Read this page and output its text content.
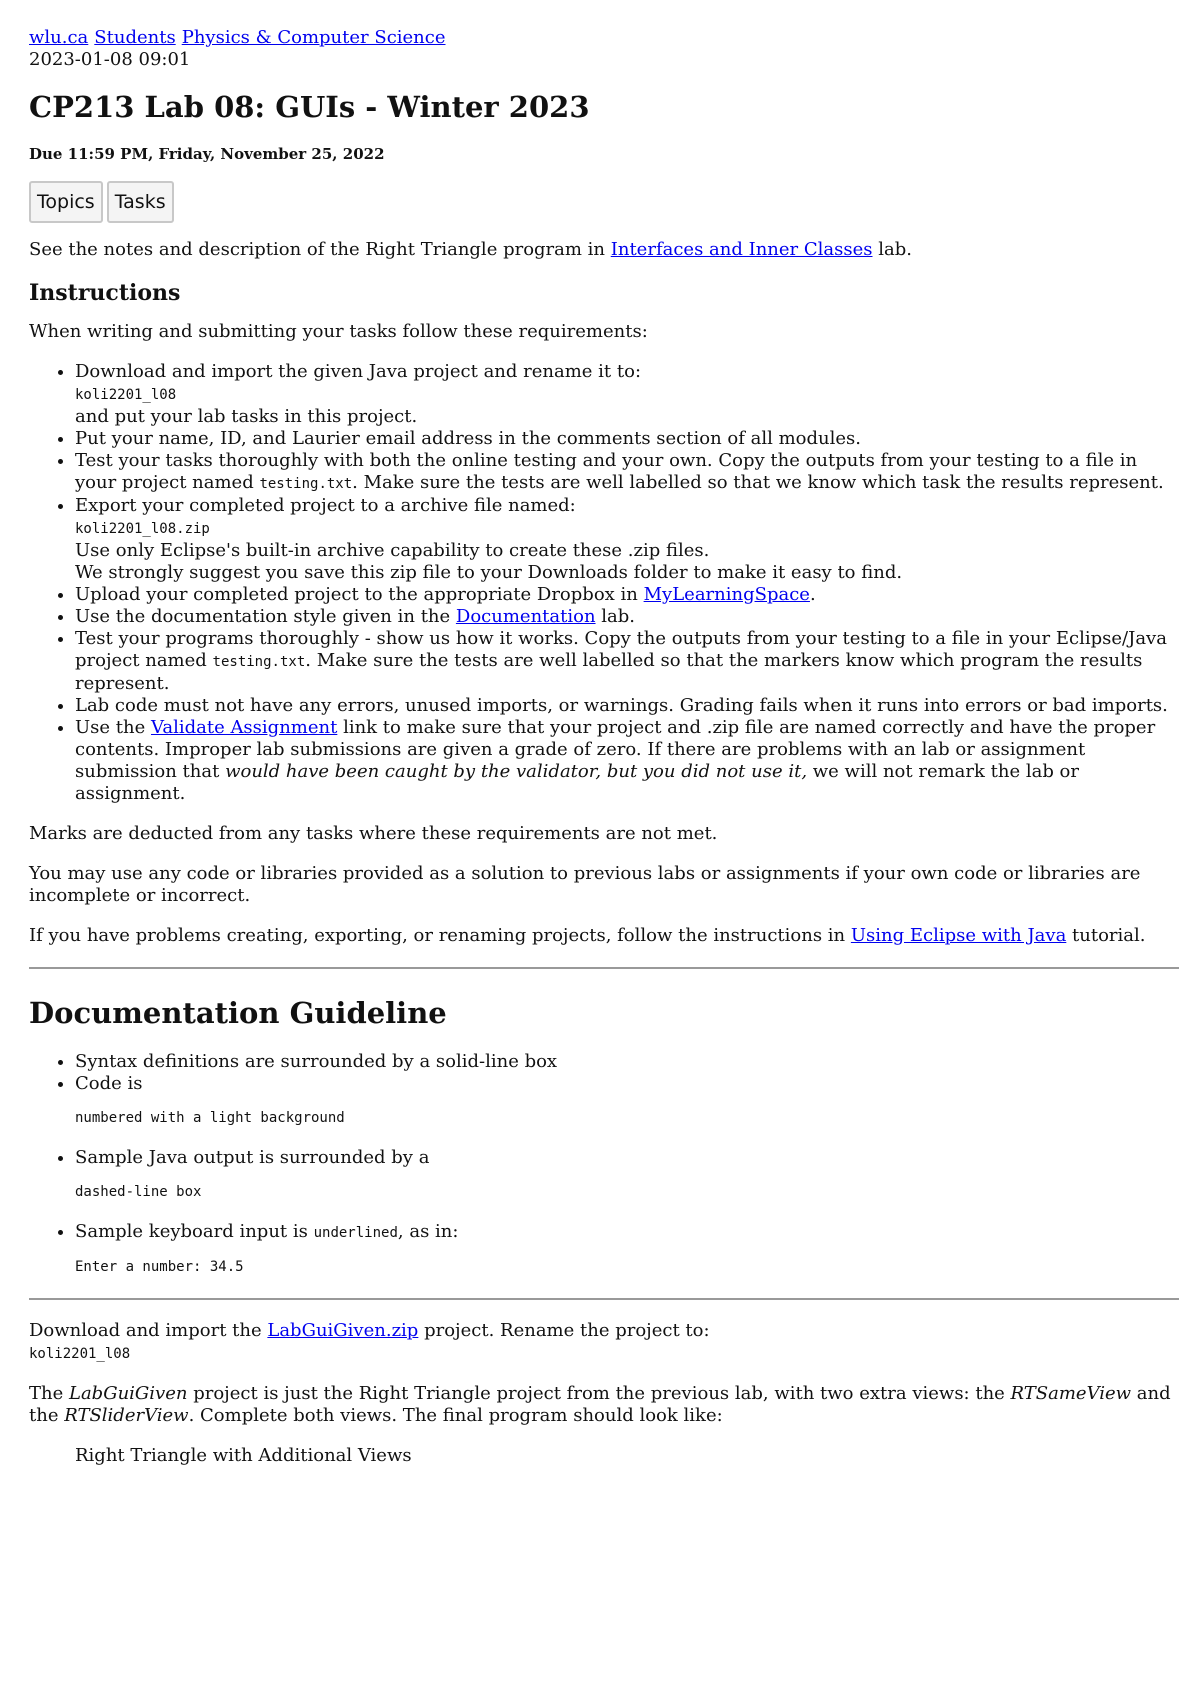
wlu.ca Students Physics & Computer Science
2023-01-08 09:01
CP213 Lab 08: GUIs - Winter 2023
Due 11:59 PM, Friday, November 25, 2022
Topics Tasks

See the notes and description of the Right Triangle program in Interfaces and Inner Classes lab.

Instructions

When writing and submitting your tasks follow these requirements:

• Download and import the given Java project and rename it to:
koli2201_l08
and put your lab tasks in this project.
• Put your name, ID, and Laurier email address in the comments section of all modules.
• Test your tasks thoroughly with both the online testing and your own. Copy the outputs from your testing to a file in your project named testing.txt. Make sure the tests are well labelled so that we know which task the results represent.
• Export your completed project to a archive file named:
koli2201_l08.zip
Use only Eclipse's built-in archive capability to create these .zip files.
We strongly suggest you save this zip file to your Downloads folder to make it easy to find.
• Upload your completed project to the appropriate Dropbox in MyLearningSpace.
• Use the documentation style given in the Documentation lab.
• Test your programs thoroughly - show us how it works. Copy the outputs from your testing to a file in your Eclipse/Java project named testing.txt. Make sure the tests are well labelled so that the markers know which program the results represent.
• Lab code must not have any errors, unused imports, or warnings. Grading fails when it runs into errors or bad imports.
• Use the Validate Assignment link to make sure that your project and .zip file are named correctly and have the proper contents. Improper lab submissions are given a grade of zero. If there are problems with an lab or assignment submission that would have been caught by the validator, but you did not use it, we will not remark the lab or assignment.

Marks are deducted from any tasks where these requirements are not met.

You may use any code or libraries provided as a solution to previous labs or assignments if your own code or libraries are incomplete or incorrect.

If you have problems creating, exporting, or renaming projects, follow the instructions in Using Eclipse with Java tutorial.

Documentation Guideline
• Syntax definitions are surrounded by a solid-line box
• Code is
numbered with a light background
• Sample Java output is surrounded by a
dashed-line box
• Sample keyboard input is underlined, as in:
Enter a number: 34.5

Download and import the LabGuiGiven.zip project. Rename the project to:
koli2201_l08

The LabGuiGiven project is just the Right Triangle project from the previous lab, with two extra views: the RTSameView and the RTSliderView. Complete both views. The final program should look like:

Right Triangle with Additional Views
